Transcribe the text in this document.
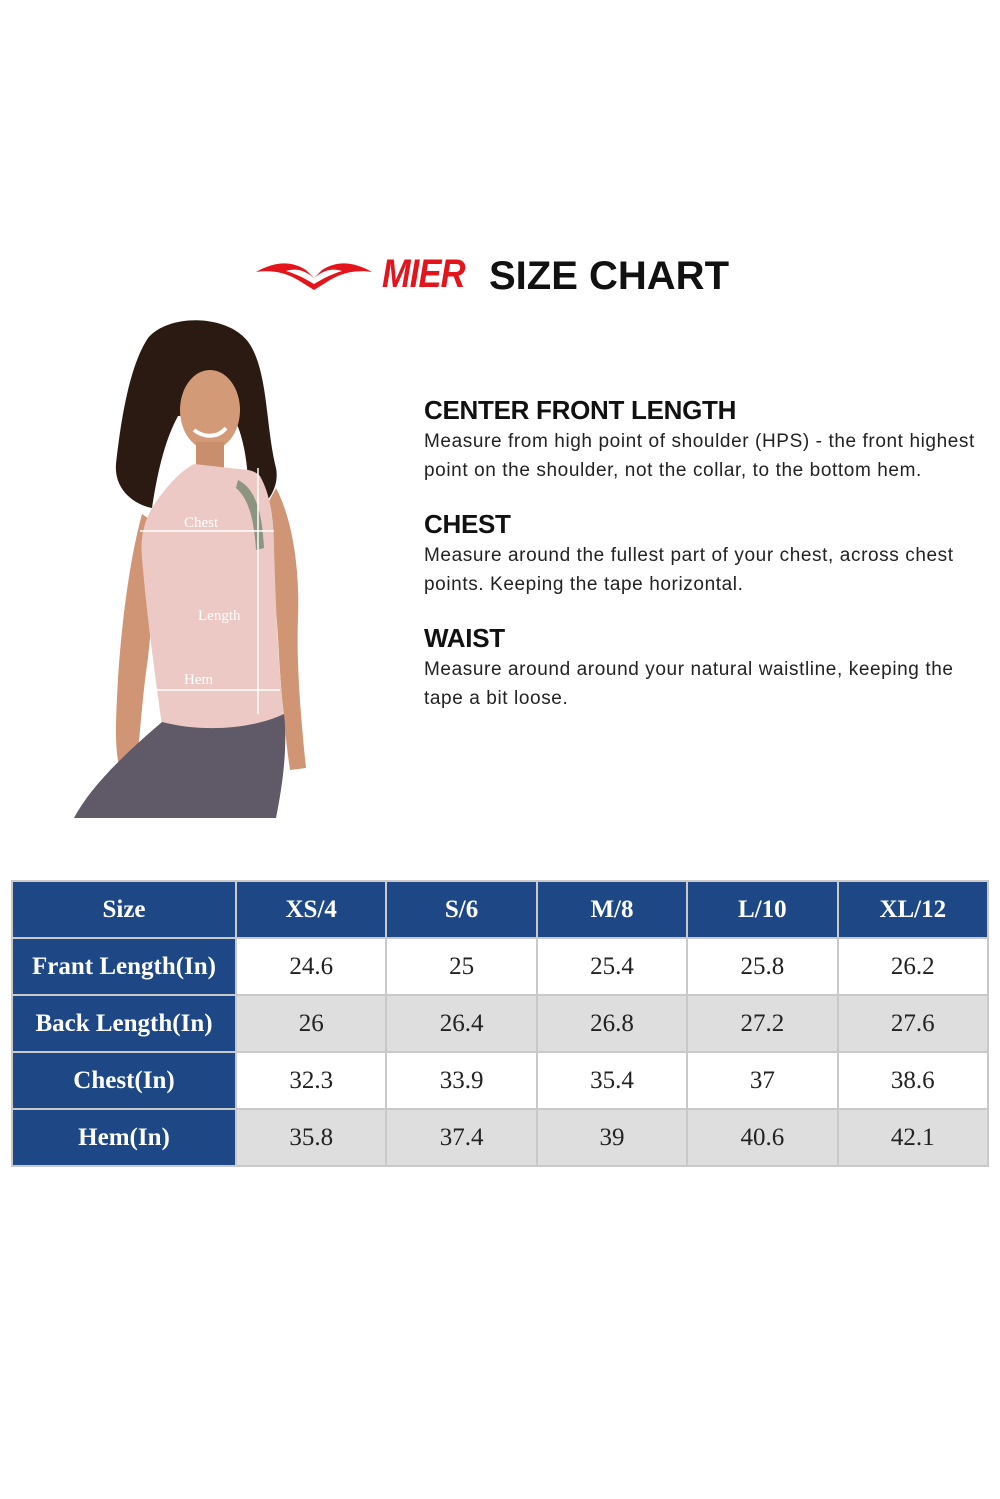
MIER SIZE CHART
Chest
Length
Hem

CENTER FRONT LENGTH

Measure from high point of shoulder (HPS) - the front highest point on the shoulder, not the collar, to the bottom hem.

CHEST

Measure around the fullest part of your chest, across chest points. Keeping the tape horizontal.

WAIST

Measure around around your natural waistline, keeping the tape a bit loose.

Size	XS/4	S/6	M/8	L/10	XL/12
Frant Length(In)	24.6	25	25.4	25.8	26.2
Back Length(In)	26	26.4	26.8	27.2	27.6
Chest(In)	32.3	33.9	35.4	37	38.6
Hem(In)	35.8	37.4	39	40.6	42.1
